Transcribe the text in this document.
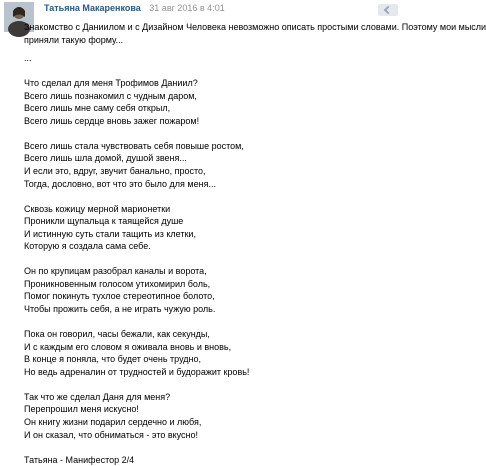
Татьяна Макаренкова 31 авг 2016 в 4:01

Знакомство с Даниилом и с Дизайном Человека невозможно описать простыми словами. Поэтому мои мысли

приняли такую форму...

...

Что сделал для меня Трофимов Даниил?

Всего лишь познакомил с чудным даром,

Всего лишь мне саму себя открыл,

Всего лишь сердце вновь зажег пожаром!

Всего лишь стала чувствовать себя повыше ростом,

Всего лишь шла домой, душой звеня...

И если это, вдруг, звучит банально, просто,

Тогда, дословно, вот что это было для меня...

Сквозь кожицу мерной марионетки

Проникли щупальца к таящейся душе

И истинную суть стали тащить из клетки,

Которую я создала сама себе.

Он по крупицам разобрал каналы и ворота,

Проникновенным голосом утихомирил боль,

Помог покинуть тухлое стереотипное болото,

Чтобы прожить себя, а не играть чужую роль.

Пока он говорил, часы бежали, как секунды,

И с каждым его словом я оживала вновь и вновь,

В конце я поняла, что будет очень трудно,

Но ведь адреналин от трудностей и будоражит кровь!

Так что же сделал Даня для меня?

Перепрошил меня искусно!

Он книгу жизни подарил сердечно и любя,

И он сказал, что обниматься - это вкусно!

Татьяна - Манифестор 2/4
